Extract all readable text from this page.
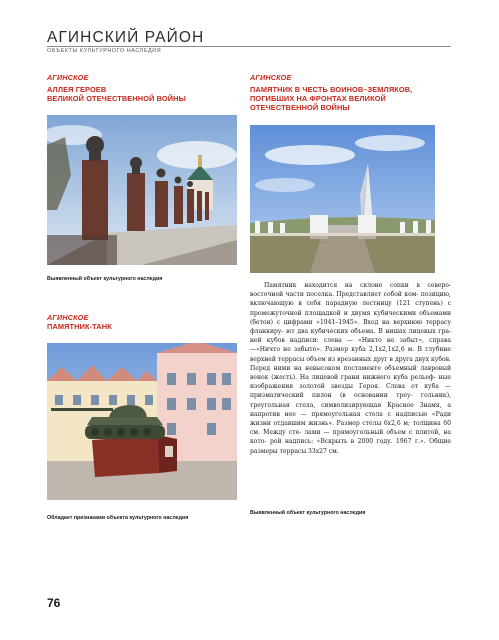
АГИНСКИЙ РАЙОН
ОБЪЕКТЫ КУЛЬТУРНОГО НАСЛЕДИЯ
АГИНСКОЕ
АЛЛЕЯ ГЕРОЕВ
ВЕЛИКОЙ ОТЕЧЕСТВЕННОЙ ВОЙНЫ
Выявленный объект культурного наследия
АГИНСКОЕ
ПАМЯТНИК В ЧЕСТЬ ВОИНОВ–ЗЕМЛЯКОВ,
ПОГИБШИХ НА ФРОНТАХ ВЕЛИКОЙ
ОТЕЧЕСТВЕННОЙ ВОЙНЫ

Памятник находится на склоне сопки в северо- восточной части поселка. Представляет собой ком- позицию, включающую в себя парадную лестницу (121 ступень) с промежуточной площадкой и двумя кубическими объемами (бетон) с цифрами «1941–1945». Вход на верхнюю террасу фланкиру- ют два кубических объема. В нишах лицевых гра- ней кубов надписи: слева — «Никто не забыт», справа —«Ничто не забыто». Размер куба 2,1х2,1х2,6 м. В глубине верхней террасы объем из врезанных друг в друга двух кубов. Перед ними на невысоком постаменте объемный лавровый венок (жесть). На лицевой грани нижнего куба рельеф- ные изображения золотой звезды Героя. Слева от куба — призматический пилон (в основании треу- гольник), треугольная стела, символизирующая Красное Знамя, а напротив нее — прямоугольная стела с надписью «Ради жизни отдавшим жизнь». Размер стелы 6х2,6 м; толщина 60 см. Между сте- лами — прямоугольный объем с плитой, на кото- рой надпись: «Вскрыть в 2000 году. 1967 г.». Общие размеры террасы 33х27 см.

Выявленный объект культурного наследия
АГИНСКОЕ
ПАМЯТНИК-ТАНК
Обладает признаками объекта культурного наследия
76
